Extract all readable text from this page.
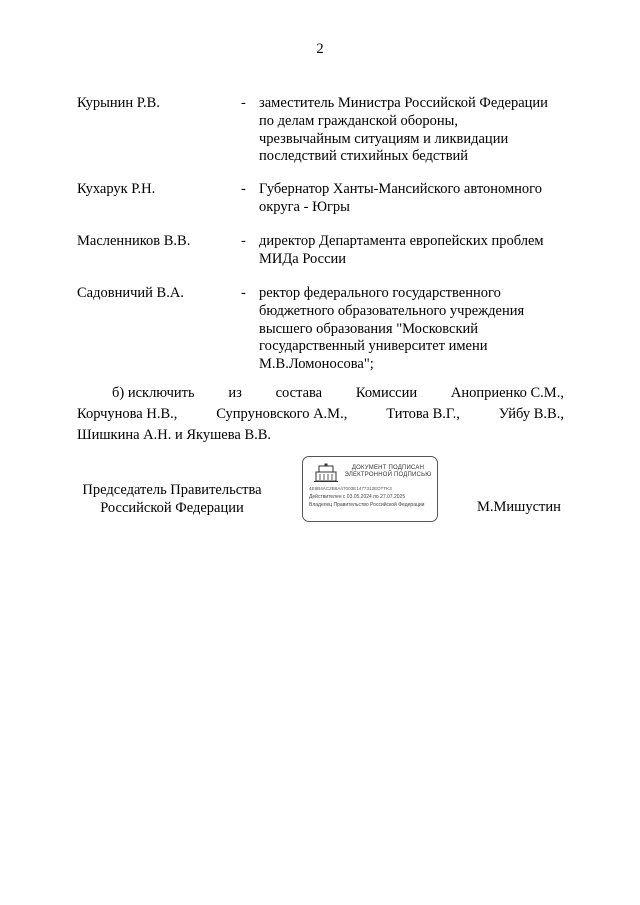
2
Курынин Р.В.	- заместитель Министра Российской Федерации
по делам гражданской обороны,
чрезвычайным ситуациям и ликвидации
последствий стихийных бедствий
Кухарук Р.Н.	- Губернатор Ханты-Мансийского автономного
округа - Югры
Масленников В.В.	- директор Департамента европейских проблем
МИДа России
Садовничий В.А.	- ректор федерального государственного
бюджетного образовательного учреждения
высшего образования "Московский
государственный университет имени
М.В.Ломоносова";
б) исключить из состава Комиссии Анoприенко С.М.,
Корчунова Н.В.,	Супруновского А.М.,	Титова В.Г.,	Уйбу В.В.,
Шишкина А.Н. и Якушева В.В.
Председатель Правительства
Российской Федерации
ДОКУМЕНТ ПОДПИСАН
ЭЛЕКТРОННОЙ ПОДПИСЬЮ
4E9B4AC2B6A47003E1477312EDTTK3
Действителен с 03.05.2024 по 27.07.2025
Владелец Правительство Российской Федерации	М.Мишустин
